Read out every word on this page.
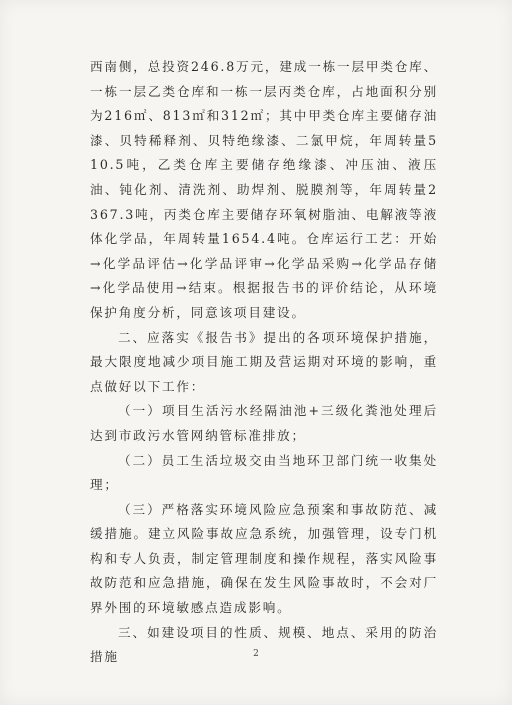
西南侧，总投资246.8万元，建成一栋一层甲类仓库、一栋一层乙类仓库和一栋一层丙类仓库，占地面积分别为216㎡、813㎡和312㎡；其中甲类仓库主要储存油漆、贝特稀释剂、贝特绝缘漆、二氯甲烷，年周转量510.5吨，乙类仓库主要储存绝缘漆、冲压油、液压油、钝化剂、清洗剂、助焊剂、脱膜剂等，年周转量2367.3吨，丙类仓库主要储存环氧树脂油、电解液等液体化学品，年周转量1654.4吨。仓库运行工艺：开始→化学品评估→化学品评审→化学品采购→化学品存储→化学品使用→结束。根据报告书的评价结论，从环境保护角度分析，同意该项目建设。

二、应落实《报告书》提出的各项环境保护措施，最大限度地减少项目施工期及营运期对环境的影响，重点做好以下工作：

（一）项目生活污水经隔油池+三级化粪池处理后达到市政污水管网纳管标准排放；

（二）员工生活垃圾交由当地环卫部门统一收集处理；

（三）严格落实环境风险应急预案和事故防范、减缓措施。建立风险事故应急系统，加强管理，设专门机构和专人负责，制定管理制度和操作规程，落实风险事故防范和应急措施，确保在发生风险事故时，不会对厂界外围的环境敏感点造成影响。

三、如建设项目的性质、规模、地点、采用的防治措施	2
